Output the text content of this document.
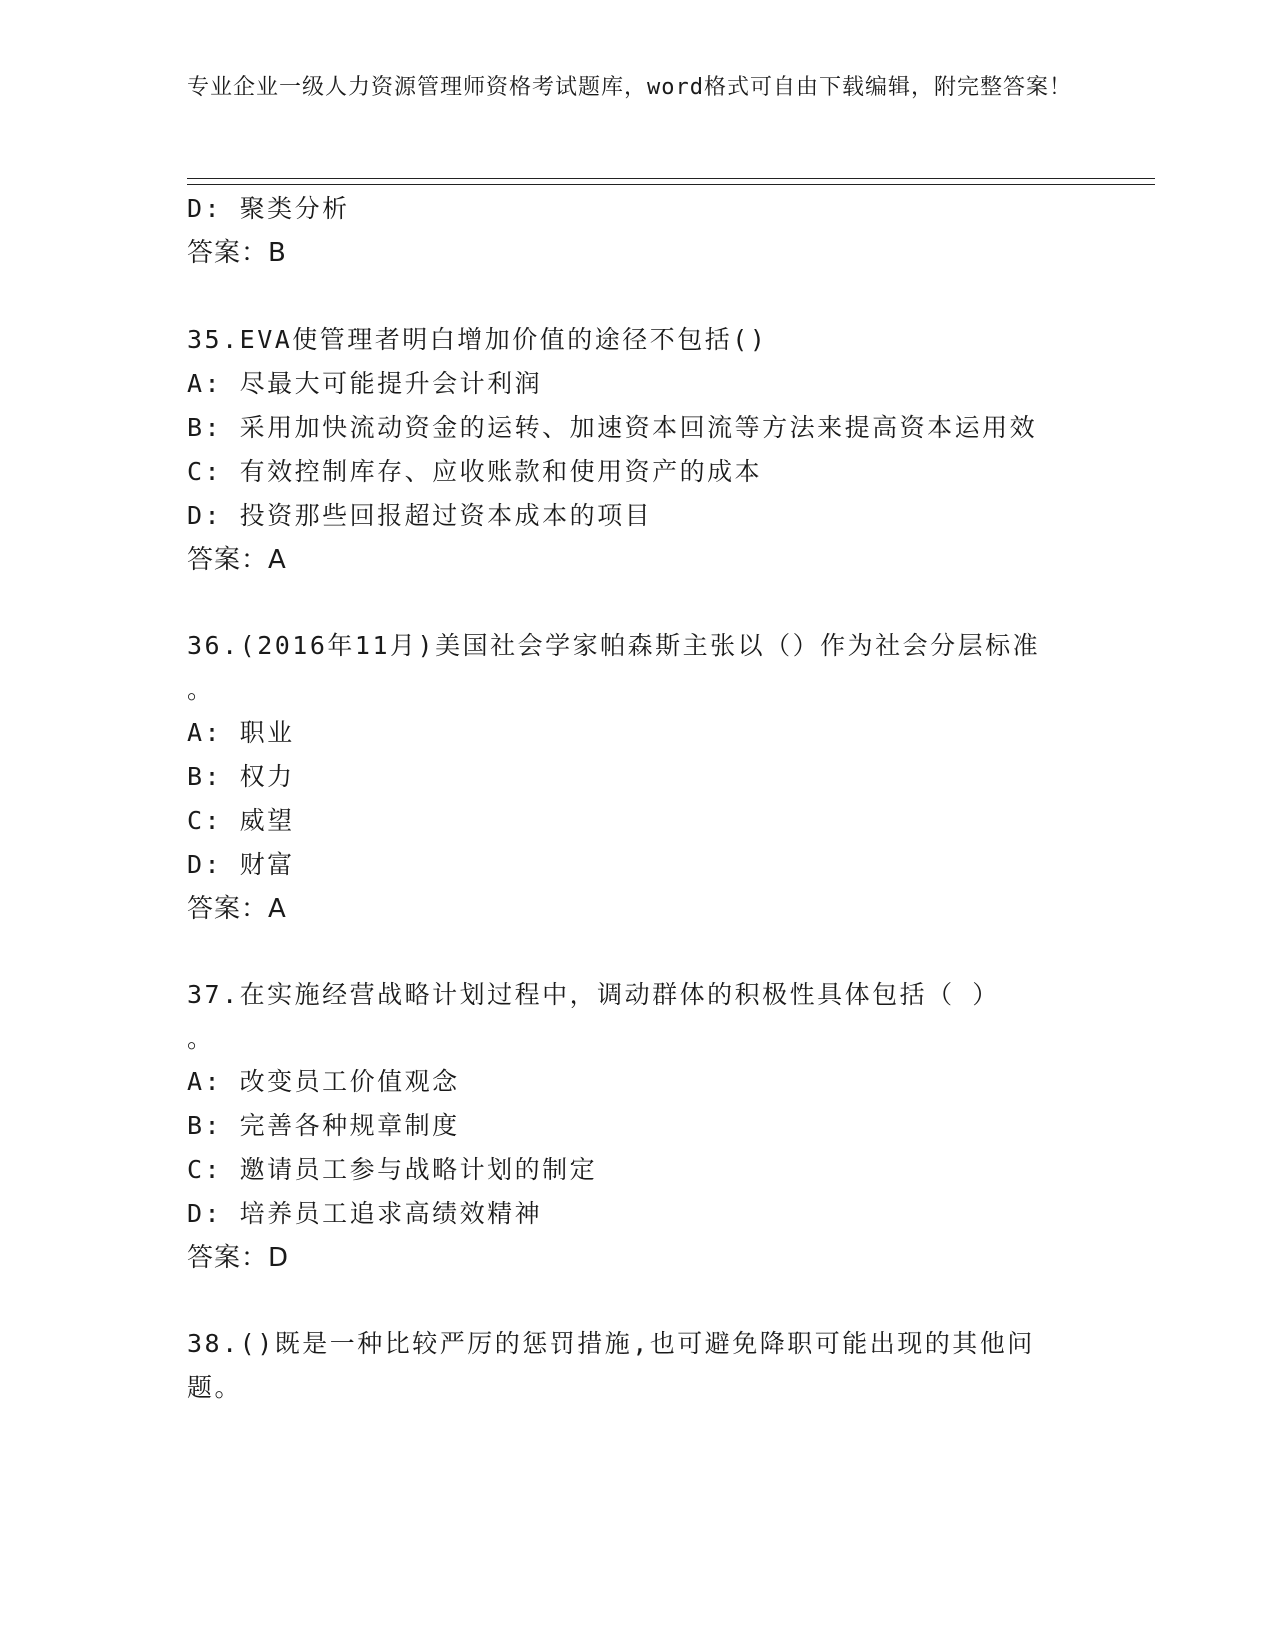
专业企业一级人力资源管理师资格考试题库，word格式可自由下载编辑，附完整答案！
D: 聚类分析
答案：B
35.EVA使管理者明白增加价值的途径不包括()
A: 尽最大可能提升会计利润
B: 采用加快流动资金的运转、加速资本回流等方法来提高资本运用效
C: 有效控制库存、应收账款和使用资产的成本
D: 投资那些回报超过资本成本的项目
答案：A
36.(2016年11月)美国社会学家帕森斯主张以（）作为社会分层标准
。
A: 职业
B: 权力
C: 威望
D: 财富
答案：A
37.在实施经营战略计划过程中，调动群体的积极性具体包括（ ）
。
A: 改变员工价值观念
B: 完善各种规章制度
C: 邀请员工参与战略计划的制定
D: 培养员工追求高绩效精神
答案：D
38.()既是一种比较严厉的惩罚措施,也可避免降职可能出现的其他问
题。
